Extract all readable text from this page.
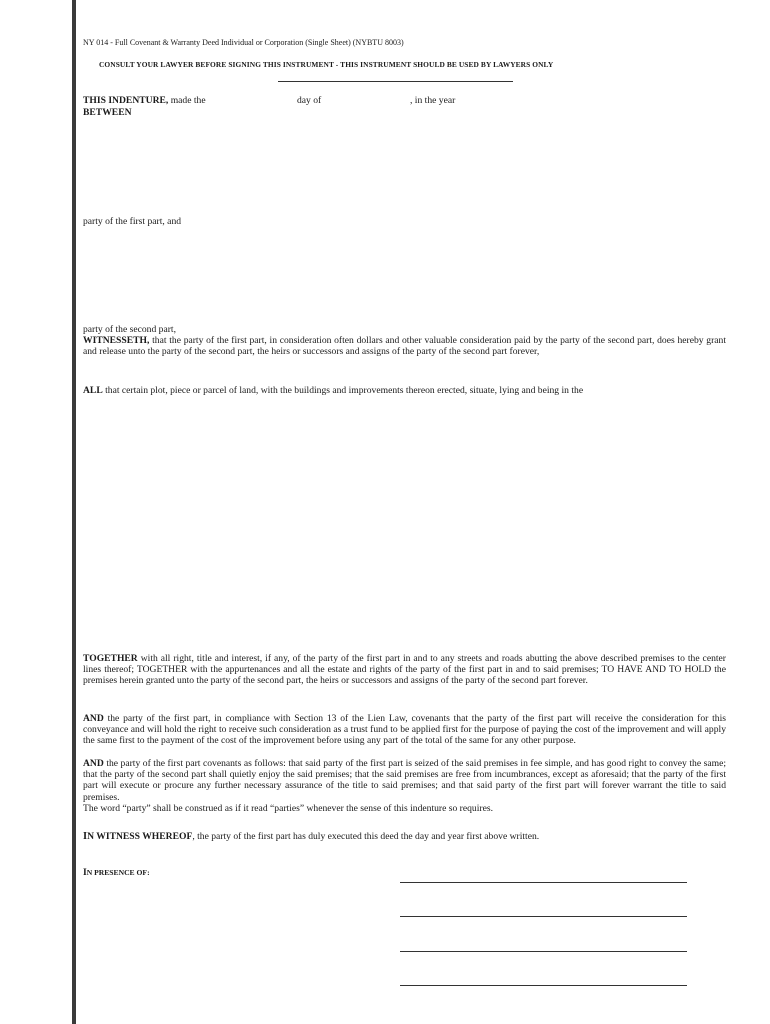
NY 014 - Full Covenant & Warranty Deed Individual or Corporation (Single Sheet) (NYBTU 8003)
CONSULT YOUR LAWYER BEFORE SIGNING THIS INSTRUMENT - THIS INSTRUMENT SHOULD BE USED BY LAWYERS ONLY
THIS INDENTURE, made the	day of	, in the year
BETWEEN
party of the first part, and
party of the second part,
WITNESSETH, that the party of the first part, in consideration often dollars and other valuable consideration paid by the party of the second part, does hereby grant and release unto the party of the second part, the heirs or successors and assigns of the party of the second part forever,
ALL that certain plot, piece or parcel of land, with the buildings and improvements thereon erected, situate, lying and being in the
TOGETHER with all right, title and interest, if any, of the party of the first part in and to any streets and roads abutting the above described premises to the center lines thereof; TOGETHER with the appurtenances and all the estate and rights of the party of the first part in and to said premises; TO HAVE AND TO HOLD the premises herein granted unto the party of the second part, the heirs or successors and assigns of the party of the second part forever.
AND the party of the first part, in compliance with Section 13 of the Lien Law, covenants that the party of the first part will receive the consideration for this conveyance and will hold the right to receive such consideration as a trust fund to be applied first for the purpose of paying the cost of the improvement and will apply the same first to the payment of the cost of the improvement before using any part of the total of the same for any other purpose.
AND the party of the first part covenants as follows: that said party of the first part is seized of the said premises in fee simple, and has good right to convey the same; that the party of the second part shall quietly enjoy the said premises; that the said premises are free from incumbrances, except as aforesaid; that the party of the first part will execute or procure any further necessary assurance of the title to said premises; and that said party of the first part will forever warrant the title to said premises.
The word “party” shall be construed as if it read “parties” whenever the sense of this indenture so requires.
IN WITNESS WHEREOF, the party of the first part has duly executed this deed the day and year first above written.
IN PRESENCE OF:
